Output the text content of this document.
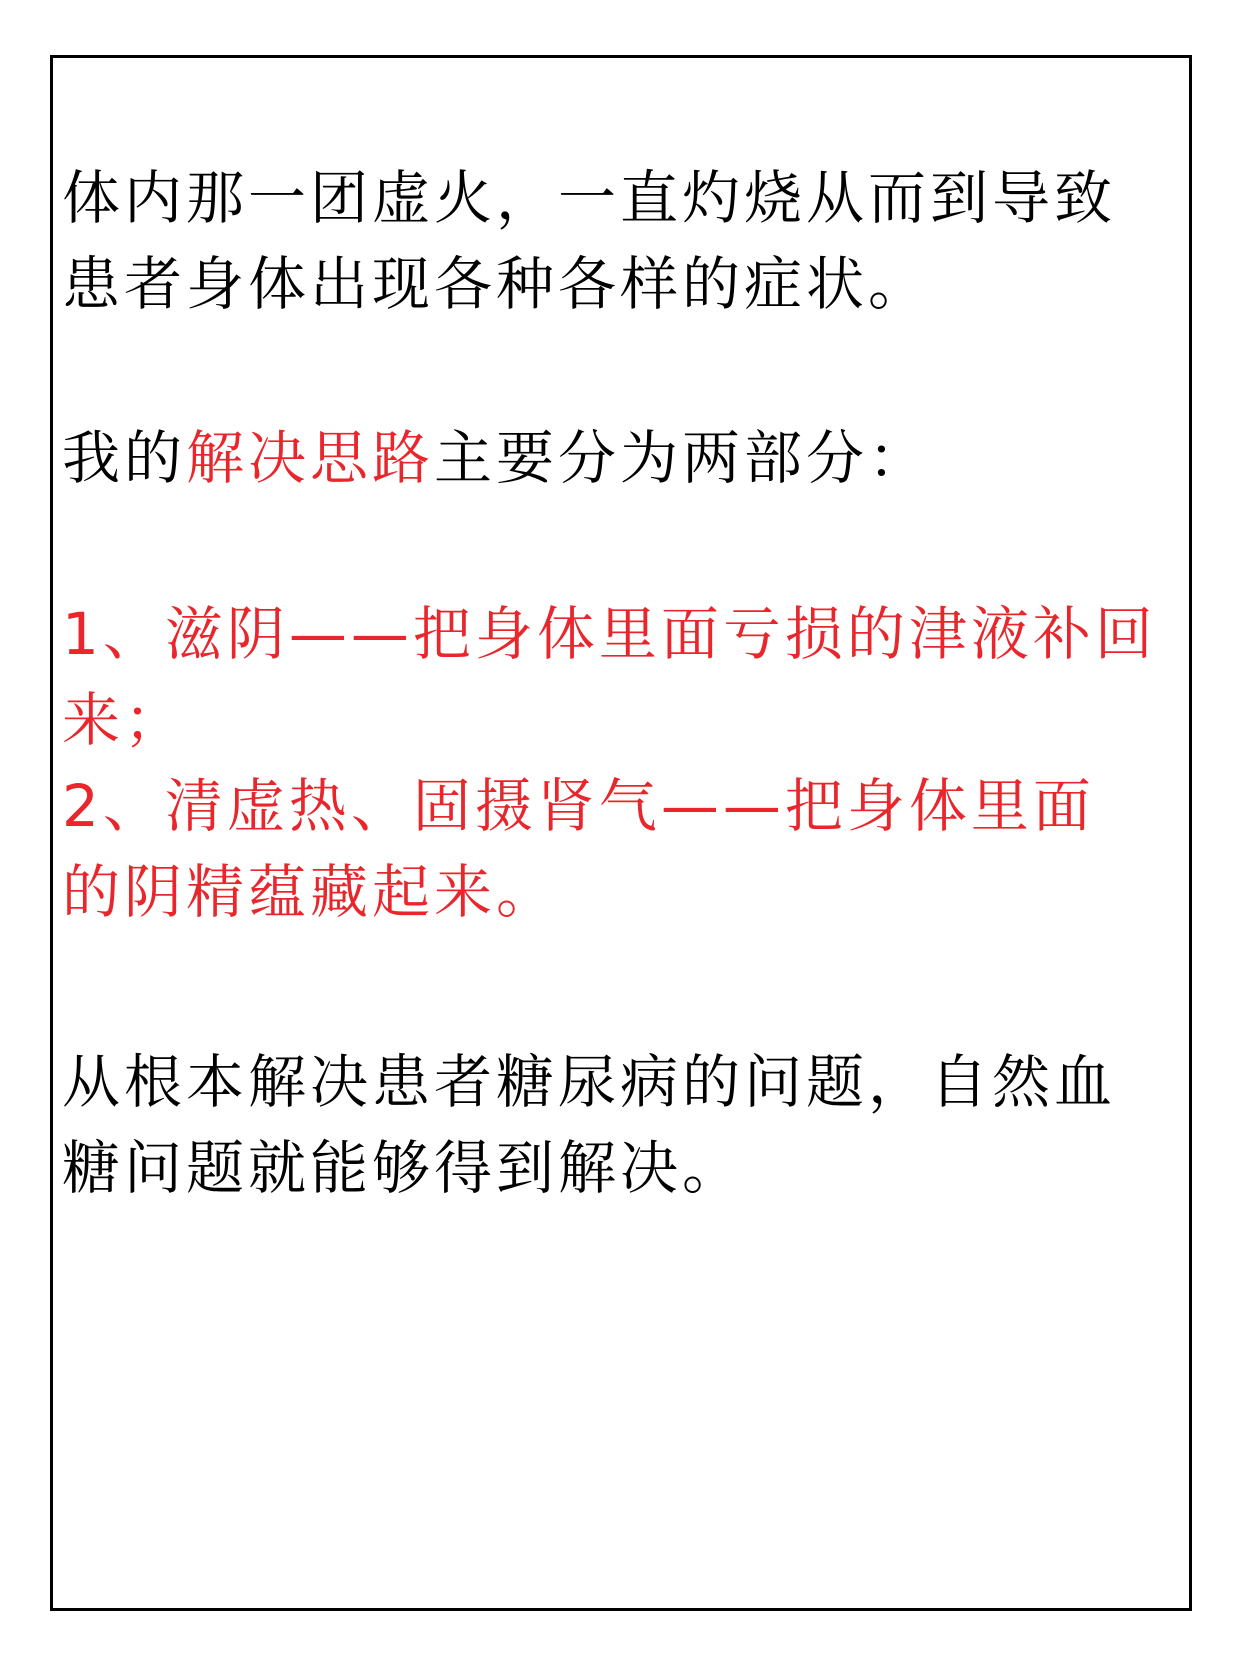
体内那一团虚火，一直灼烧从而到导致
患者身体出现各种各样的症状。
我的解决思路主要分为两部分：
1、滋阴——把身体里面亏损的津液补回
来；
2、清虚热、固摄肾气——把身体里面
的阴精蕴藏起来。
从根本解决患者糖尿病的问题，自然血
糖问题就能够得到解决。
